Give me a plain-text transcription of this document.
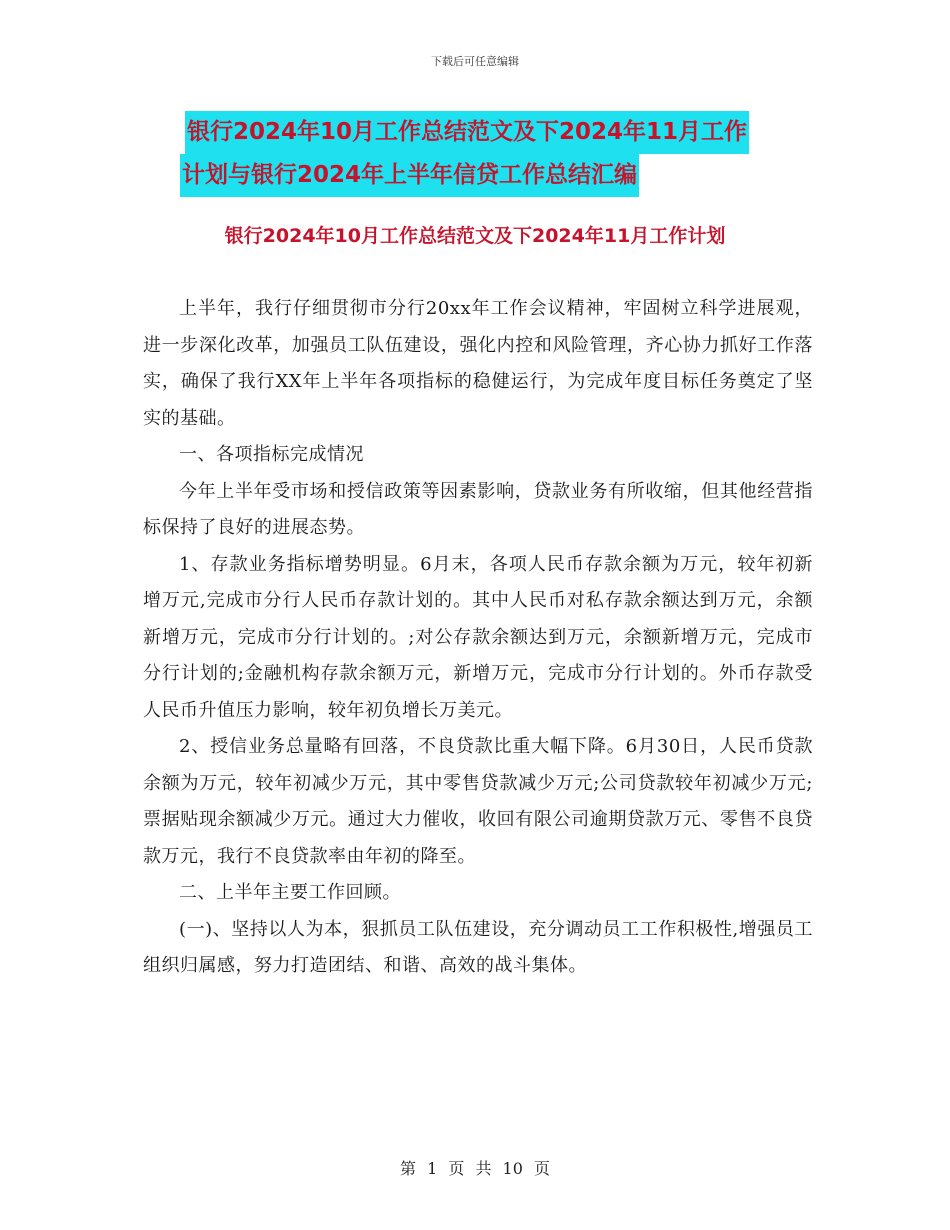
下载后可任意编辑
银行2024年10月工作总结范文及下2024年11月工作
计划与银行2024年上半年信贷工作总结汇编
银行2024年10月工作总结范文及下2024年11月工作计划

上半年，我行仔细贯彻市分行20xx年工作会议精神，牢固树立科学进展观，进一步深化改革，加强员工队伍建设，强化内控和风险管理，齐心协力抓好工作落实，确保了我行XX年上半年各项指标的稳健运行，为完成年度目标任务奠定了坚实的基础。

一、各项指标完成情况

今年上半年受市场和授信政策等因素影响，贷款业务有所收缩，但其他经营指标保持了良好的进展态势。

1、存款业务指标增势明显。6月末，各项人民币存款余额为万元，较年初新增万元,完成市分行人民币存款计划的。其中人民币对私存款余额达到万元，余额新增万元，完成市分行计划的。;对公存款余额达到万元，余额新增万元，完成市分行计划的;金融机构存款余额万元，新增万元，完成市分行计划的。外币存款受人民币升值压力影响，较年初负增长万美元。

2、授信业务总量略有回落，不良贷款比重大幅下降。6月30日，人民币贷款余额为万元，较年初减少万元，其中零售贷款减少万元;公司贷款较年初减少万元;票据贴现余额减少万元。通过大力催收，收回有限公司逾期贷款万元、零售不良贷款万元，我行不良贷款率由年初的降至。

二、上半年主要工作回顾。

(一)、坚持以人为本，狠抓员工队伍建设，充分调动员工工作积极性,增强员工组织归属感，努力打造团结、和谐、高效的战斗集体。

第 1 页 共 10 页
